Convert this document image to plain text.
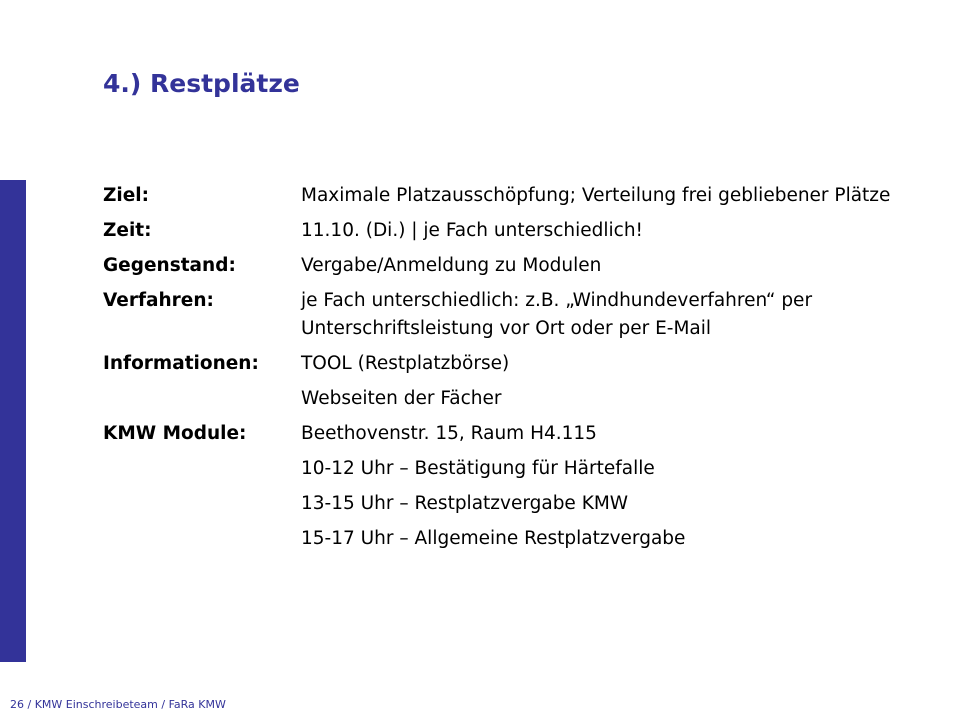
4.) Restplätze
Ziel:	Maximale Platzausschöpfung; Verteilung frei gebliebener Plätze
Zeit:	11.10. (Di.) | je Fach unterschiedlich!
Gegenstand:	Vergabe/Anmeldung zu Modulen
Verfahren:	je Fach unterschiedlich: z.B. „Windhundeverfahren“ per Unterschriftsleistung vor Ort oder per E-Mail
Informationen: TOOL (Restplatzbörse)
Webseiten der Fächer
KMW Module:	Beethovenstr. 15, Raum H4.115
10-12 Uhr – Bestätigung für Härtefalle
13-15 Uhr – Restplatzvergabe KMW
15-17 Uhr – Allgemeine Restplatzvergabe
26 / KMW Einschreibeteam / FaRa KMW
